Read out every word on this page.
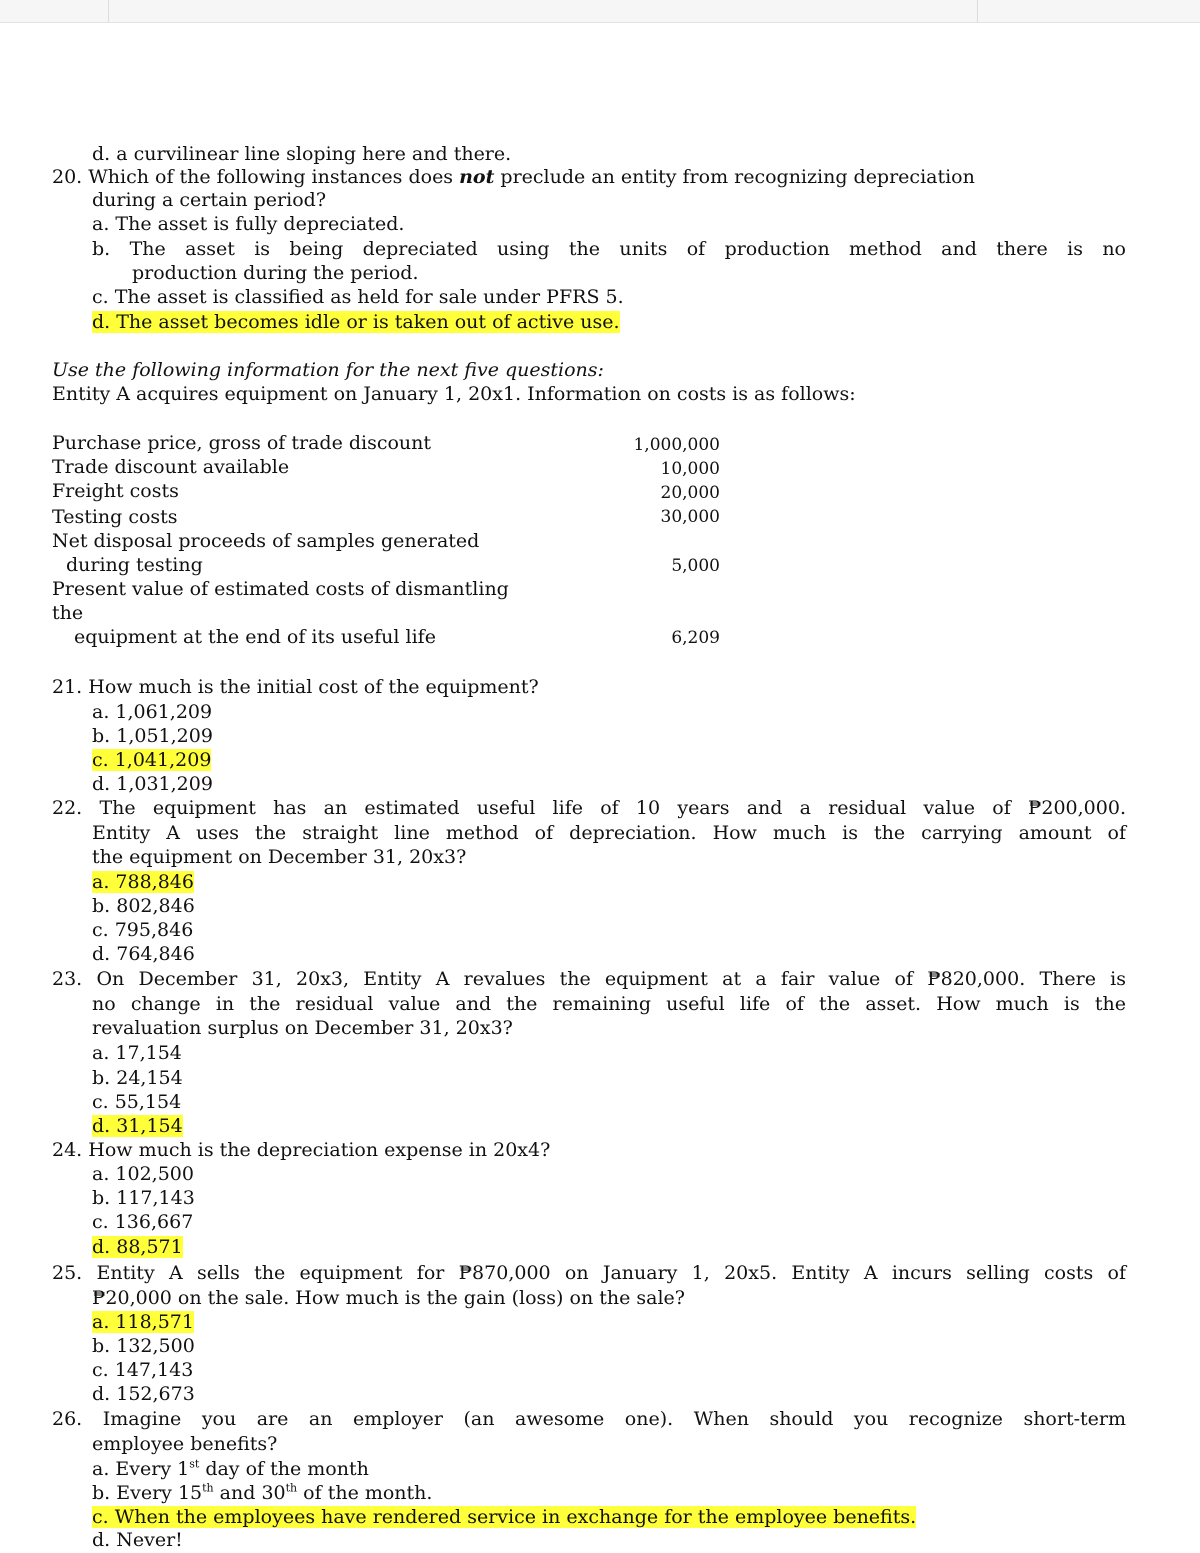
d. a curvilinear line sloping here and there.
20. Which of the following instances does not preclude an entity from recognizing depreciation
during a certain period?
a. The asset is fully depreciated.
b. The asset is being depreciated using the units of production method and there is no
production during the period.
c. The asset is classified as held for sale under PFRS 5.
d. The asset becomes idle or is taken out of active use.
Use the following information for the next five questions:
Entity A acquires equipment on January 1, 20x1. Information on costs is as follows:
Purchase price, gross of trade discount	1,000,000
Trade discount available	10,000
Freight costs	20,000
Testing costs	30,000
Net disposal proceeds of samples generated
during testing	5,000
Present value of estimated costs of dismantling
the
equipment at the end of its useful life	6,209
21. How much is the initial cost of the equipment?
a. 1,061,209
b. 1,051,209
c. 1,041,209
d. 1,031,209
22. The equipment has an estimated useful life of 10 years and a residual value of ₱200,000.
Entity A uses the straight line method of depreciation. How much is the carrying amount of
the equipment on December 31, 20x3?
a. 788,846
b. 802,846
c. 795,846
d. 764,846
23. On December 31, 20x3, Entity A revalues the equipment at a fair value of ₱820,000. There is
no change in the residual value and the remaining useful life of the asset. How much is the
revaluation surplus on December 31, 20x3?
a. 17,154
b. 24,154
c. 55,154
d. 31,154
24. How much is the depreciation expense in 20x4?
a. 102,500
b. 117,143
c. 136,667
d. 88,571
25. Entity A sells the equipment for ₱870,000 on January 1, 20x5. Entity A incurs selling costs of
₱20,000 on the sale. How much is the gain (loss) on the sale?
a. 118,571
b. 132,500
c. 147,143
d. 152,673
26. Imagine you are an employer (an awesome one). When should you recognize short-term
employee benefits?
a. Every 1st day of the month
b. Every 15th and 30th of the month.
c. When the employees have rendered service in exchange for the employee benefits.
d. Never!
